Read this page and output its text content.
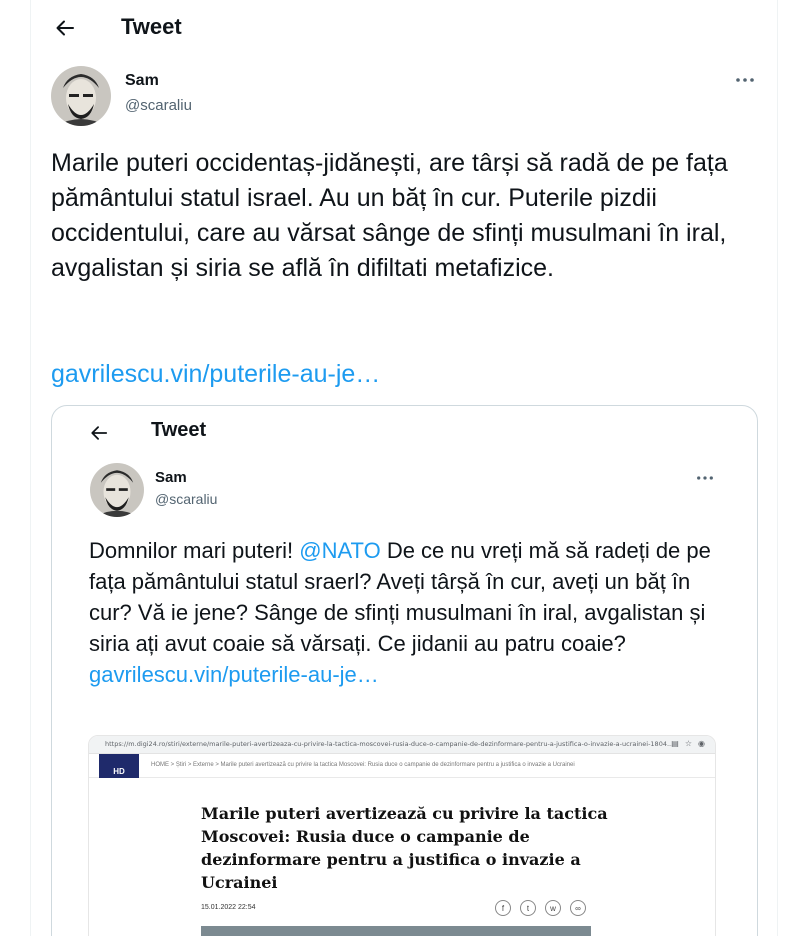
Tweet
Sam
@scaraliu
Marile puteri occidentaș-jidănești, are târși să radă de pe fața pământului statul israel. Au un băț în cur. Puterile pizdii occidentului, care au vărsat sânge de sfinți musulmani în iral, avgalistan și siria se află în difiltati metafizice.
gavrilescu.vin/puterile-au-je…
Tweet
Sam
@scaraliu
Domnilor mari puteri! @NATO De ce nu vreți mă să radeți de pe fața pământului statul sraerl? Aveți târșă în cur, aveți un băț în cur? Vă ie jene? Sânge de sfinți musulmani în iral, avgalistan și siria ați avut coaie să vărsați. Ce jidanii au patru coaie?
gavrilescu.vin/puterile-au-je…
https://m.digi24.ro/stiri/externe/marile-puteri-avertizeaza-cu-privire-la-tactica-moscovei-rusia-duce-o-campanie-de-dezinformare-pentru-a-justifica-o-invazie-a-ucrainei-1804...
▤ ☆ ◉
HD
HOME > Știri > Externe > Marile puteri avertizează cu privire la tactica Moscovei: Rusia duce o campanie de dezinformare pentru a justifica o invazie a Ucrainei
Marile puteri avertizează cu privire la tactica Moscovei: Rusia duce o campanie de dezinformare pentru a justifica o invazie a Ucrainei
15.01.2022 22:54	f	t	w	∞
